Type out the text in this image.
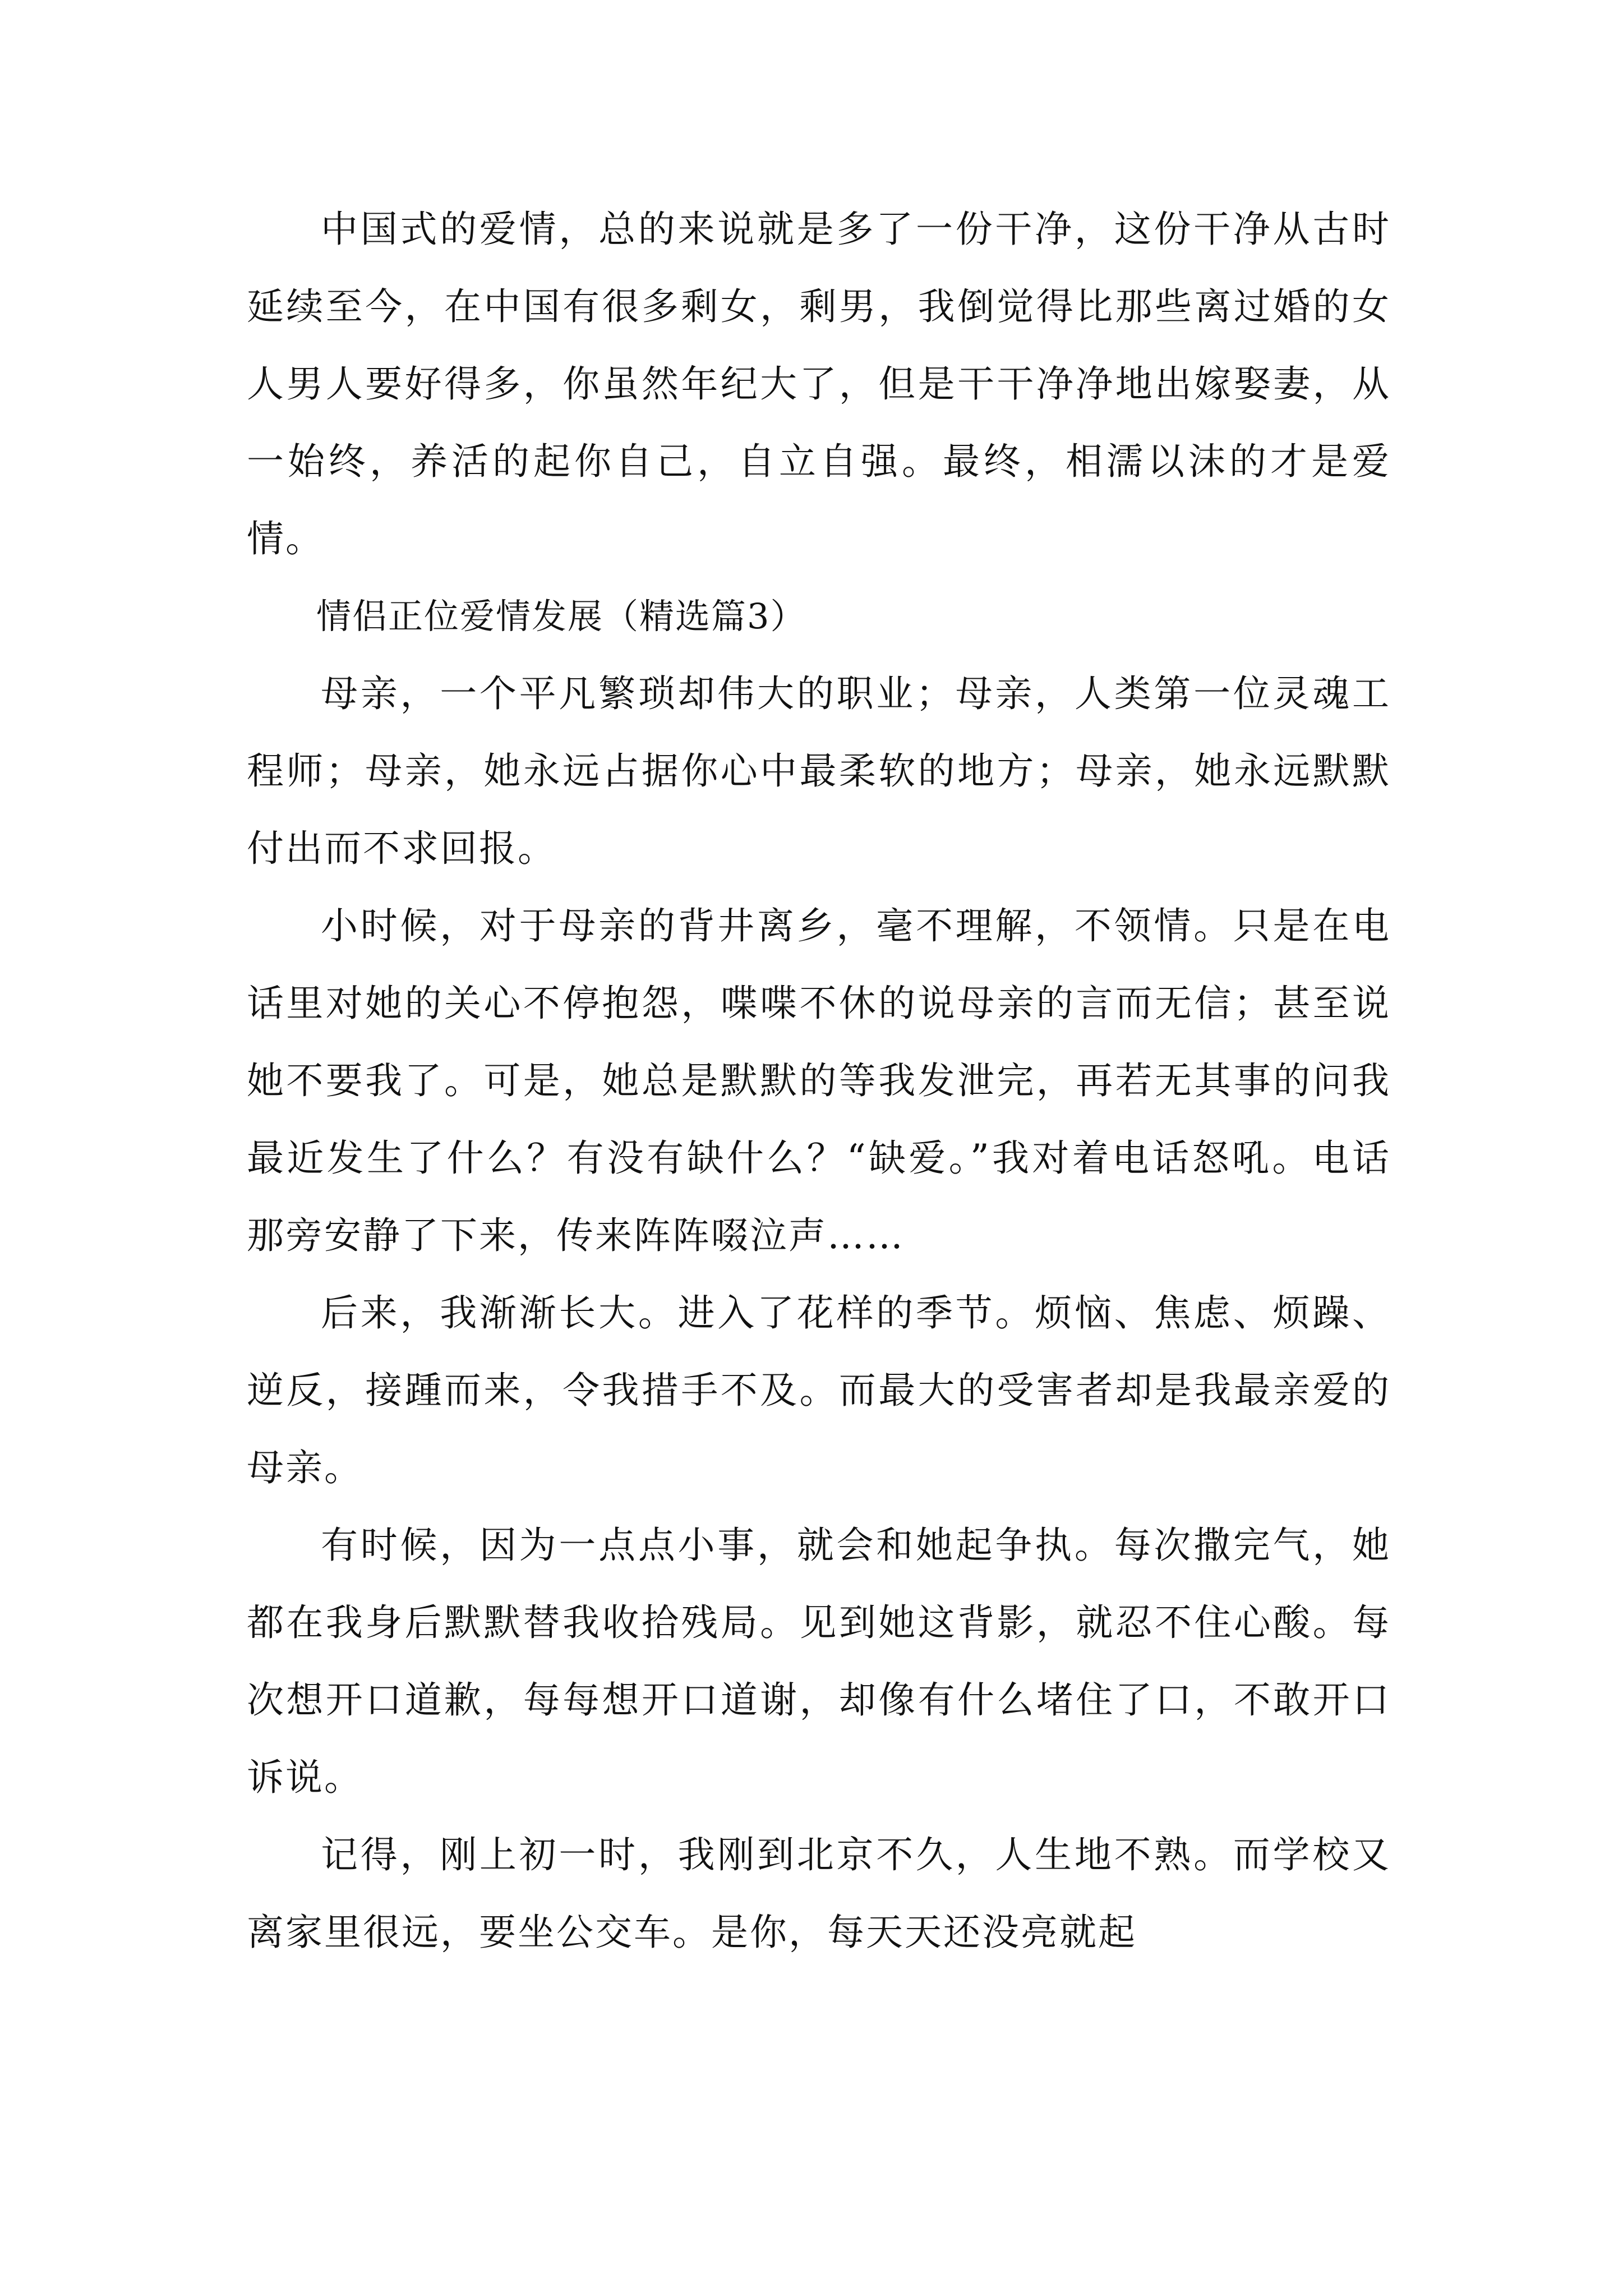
中国式的爱情，总的来说就是多了一份干净，这份干净从古时延续至今，在中国有很多剩女，剩男，我倒觉得比那些离过婚的女人男人要好得多，你虽然年纪大了，但是干干净净地出嫁娶妻，从一始终，养活的起你自己，自立自强。最终，相濡以沫的才是爱情。

情侣正位爱情发展（精选篇3）

母亲，一个平凡繁琐却伟大的职业；母亲，人类第一位灵魂工程师；母亲，她永远占据你心中最柔软的地方；母亲，她永远默默付出而不求回报。

小时候，对于母亲的背井离乡，毫不理解，不领情。只是在电话里对她的关心不停抱怨，喋喋不休的说母亲的言而无信；甚至说她不要我了。可是，她总是默默的等我发泄完，再若无其事的问我最近发生了什么？有没有缺什么？“缺爱。”我对着电话怒吼。电话那旁安静了下来，传来阵阵啜泣声……

后来，我渐渐长大。进入了花样的季节。烦恼、焦虑、烦躁、逆反，接踵而来，令我措手不及。而最大的受害者却是我最亲爱的母亲。

有时候，因为一点点小事，就会和她起争执。每次撒完气，她都在我身后默默替我收拾残局。见到她这背影，就忍不住心酸。每次想开口道歉，每每想开口道谢，却像有什么堵住了口，不敢开口诉说。

记得，刚上初一时，我刚到北京不久，人生地不熟。而学校又离家里很远，要坐公交车。是你，每天天还没亮就起
